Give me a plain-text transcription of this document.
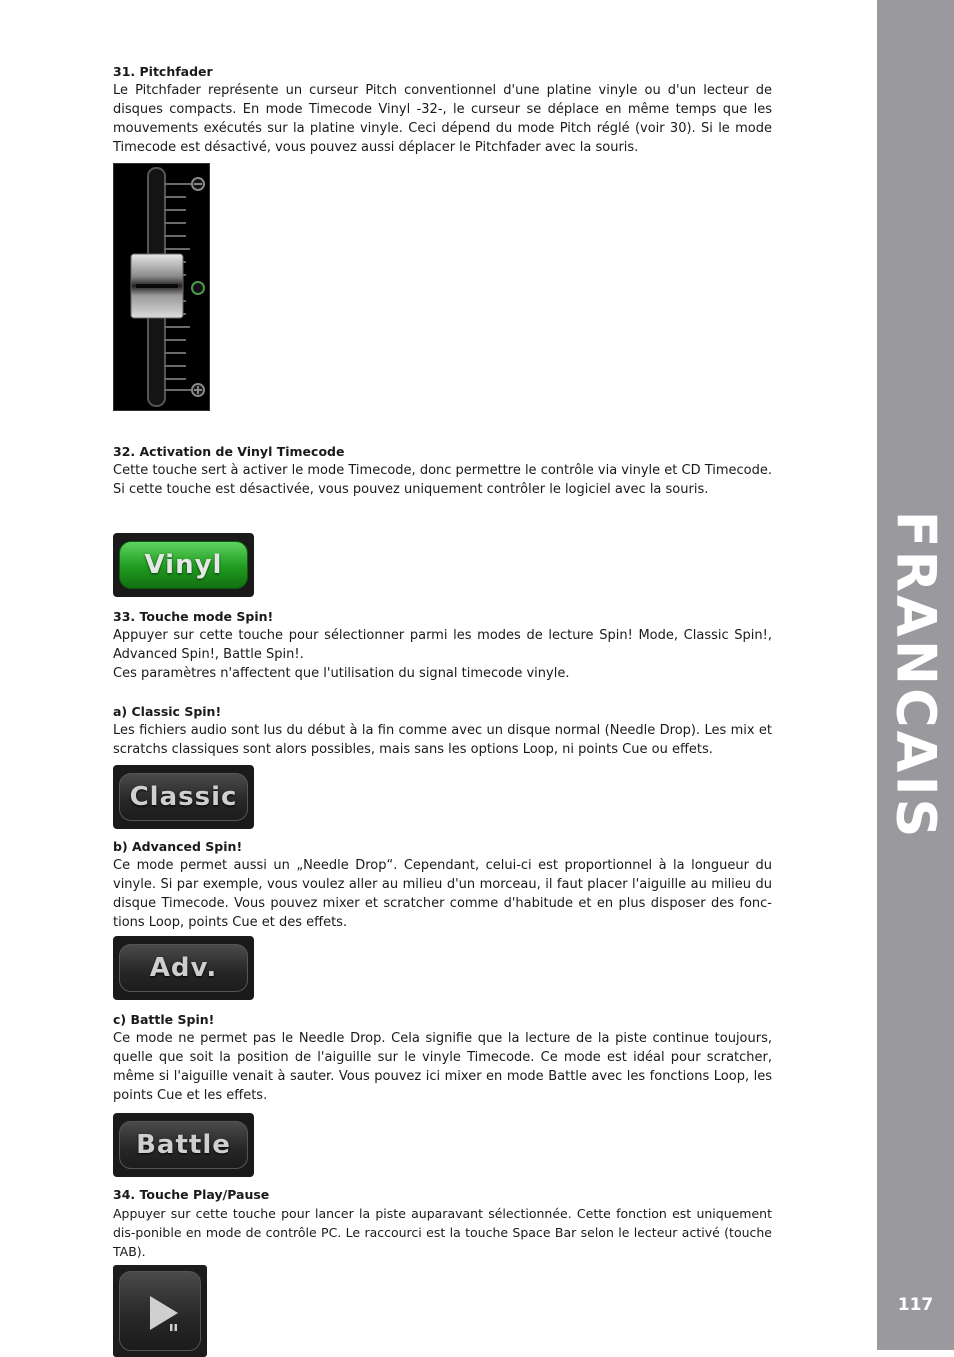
FRANCAIS
117

31. Pitchfader

Le Pitchfader représente un curseur Pitch conventionnel d'une platine vinyle ou d'un lecteur de disques compacts. En mode Timecode Vinyl -32-, le curseur se déplace en même temps que les mouvements exécutés sur la platine vinyle. Ceci dépend du mode Pitch réglé (voir 30). Si le mode Timecode est désactivé, vous pouvez aussi déplacer le Pitchfader avec la souris.

32. Activation de Vinyl Timecode

Cette touche sert à activer le mode Timecode, donc permettre le contrôle via vinyle et CD Timecode. Si cette touche est désactivée, vous pouvez uniquement contrôler le logiciel avec la souris.

Vinyl

33. Touche mode Spin!

Appuyer sur cette touche pour sélectionner parmi les modes de lecture Spin! Mode, Classic Spin!, Advanced Spin!, Battle Spin!.

Ces paramètres n'affectent que l'utilisation du signal timecode vinyle.

a) Classic Spin!

Les fichiers audio sont lus du début à la fin comme avec un disque normal (Needle Drop). Les mix et scratchs classiques sont alors possibles, mais sans les options Loop, ni points Cue ou effets.

Classic

b) Advanced Spin!

Ce mode permet aussi un „Needle Drop“. Cependant, celui-ci est proportionnel à la longueur du vinyle. Si par exemple, vous voulez aller au milieu d'un morceau, il faut placer l'aiguille au milieu du disque Timecode. Vous pouvez mixer et scratcher comme d'habitude et en plus disposer des fonc-tions Loop, points Cue et des effets.

Adv.

c) Battle Spin!

Ce mode ne permet pas le Needle Drop. Cela signifie que la lecture de la piste continue toujours, quelle que soit la position de l'aiguille sur le vinyle Timecode. Ce mode est idéal pour scratcher, même si l'aiguille venait à sauter. Vous pouvez ici mixer en mode Battle avec les fonctions Loop, les points Cue et les effets.

Battle

34. Touche Play/Pause

Appuyer sur cette touche pour lancer la piste auparavant sélectionnée. Cette fonction est uniquement dis-ponible en mode de contrôle PC. Le raccourci est la touche Space Bar selon le lecteur activé (touche TAB).
